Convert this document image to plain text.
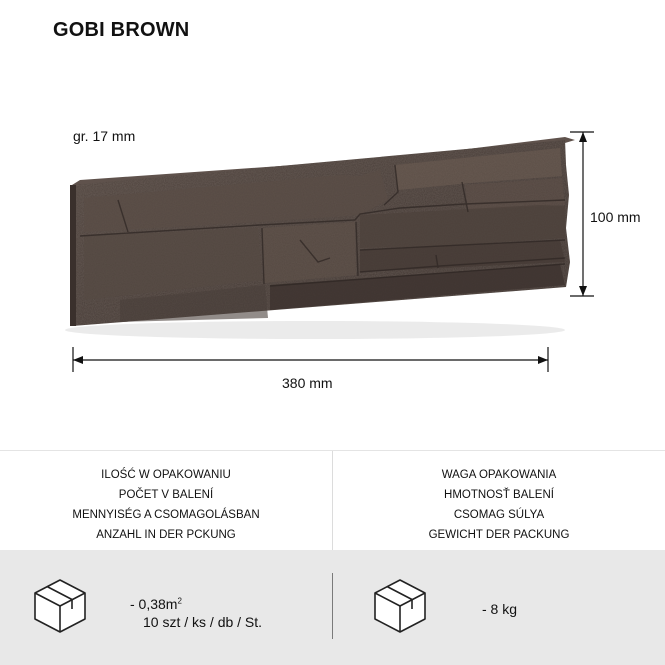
GOBI BROWN
gr. 17 mm
100 mm
380 mm
ILOŚĆ W OPAKOWANIU
POČET V BALENÍ
MENNYISÉG A CSOMAGOLÁSBAN
ANZAHL IN DER PCKUNG
WAGA OPAKOWANIA
HMOTNOSŤ BALENÍ
CSOMAG SÚLYA
GEWICHT DER PACKUNG
- $0,38m^2$
10 szt / ks / db / St.
- 8 kg
